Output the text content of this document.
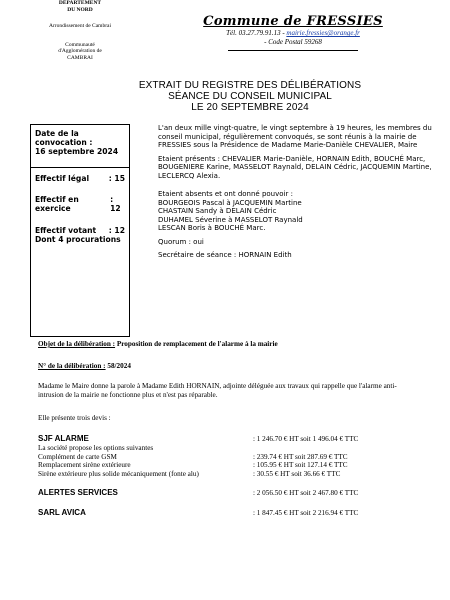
DÉPARTEMENT
DU NORD
Arrondissement de Cambrai
Communauté
d'Agglomération de
CAMBRAI
Commune de FRESSIES
Tél. 03.27.79.91.13 - mairie.fressies@orange.fr
- Code Postal 59268
EXTRAIT DU REGISTRE DES DÉLIBÉRATIONS
SÉANCE DU CONSEIL MUNICIPAL
LE 20 SEPTEMBRE 2024
Date de la convocation :
16 septembre 2024
Effectif légal	: 15
Effectif en exercice
: 12
Effectif votant : 12
Dont 4 procurations
L'an deux mille vingt-quatre, le vingt septembre à 19 heures, les membres du conseil municipal, régulièrement convoqués, se sont réunis à la mairie de FRESSIES sous la Présidence de Madame Marie-Danièle CHEVALIER, Maire
Etaient présents : CHEVALIER Marie-Danièle, HORNAIN Edith, BOUCHÉ Marc, BOUGENIERE Karine, MASSELOT Raynald, DELAIN Cédric, JACQUEMIN Martine, LECLERCQ Alexia.
Etaient absents et ont donné pouvoir :
BOURGEOIS Pascal à JACQUEMIN Martine
CHASTAIN Sandy à DELAIN Cédric
DUHAMEL Séverine à MASSELOT Raynald
LESCAN Boris à BOUCHÉ Marc.
Quorum : oui
Secrétaire de séance : HORNAIN Edith
Objet de la délibération : Proposition de remplacement de l'alarme à la mairie
N° de la délibération : 58/2024
Madame le Maire donne la parole à Madame Edith HORNAIN, adjointe déléguée aux travaux qui rappelle que l'alarme anti-intrusion de la mairie ne fonctionne plus et n'est pas réparable.
Elle présente trois devis :
SJF ALARME	: 1 246.70 € HT soit 1 496.04 € TTC
La société propose les options suivantes
Complément de carte GSM	: 239.74 € HT soit 287.69 € TTC
Remplacement sirène extérieure	: 105.95 € HT soit 127.14 € TTC
Sirène extérieure plus solide mécaniquement (fonte alu)	: 30.55 € HT soit 36.66 € TTC
ALERTES SERVICES	: 2 056.50 € HT soit 2 467.80 € TTC
SARL AVICA	: 1 847.45 € HT soit 2 216.94 € TTC
